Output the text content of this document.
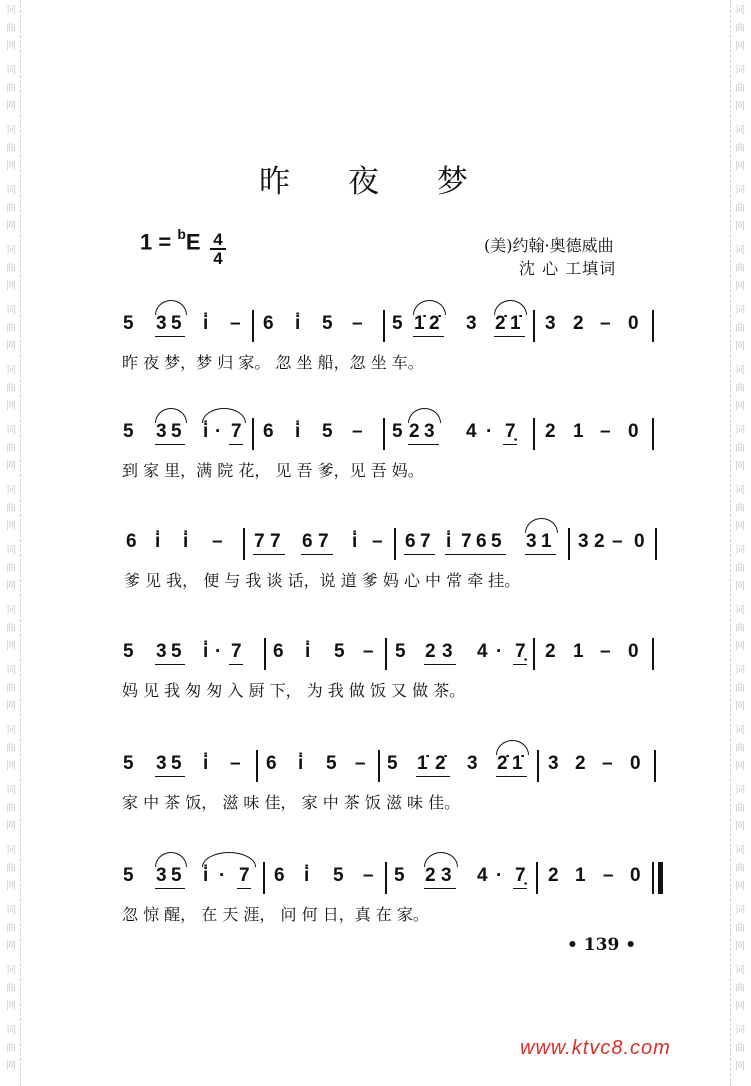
词
曲
网
词
曲
网
词
曲
网
词
曲
网
词
曲
网
词
曲
网
词
曲
网
词
曲
网
词
曲
网
词
曲
网
词
曲
网
词
曲
网
词
曲
网
词
曲
网
词
曲
网
词
曲
网
词
曲
网
词
曲
网
词
曲
网
词
曲
网
词
曲
网
词
曲
网
词
曲
网
词
曲
网
词
曲
网
词
曲
网
词
曲
网
词
曲
网
词
曲
网
词
曲
网
词
曲
网
词
曲
网
词
曲
网
词
曲
网
词
曲
网
词
曲
网
昨 夜 梦
1 = $^b$E 4
4
(美)约翰·奥德威曲
沈 心 工填词
5 3 5 i̇ – 6 i̇ 5 – 5 1̇ 2̇ 3 2̇ 1̇ 3 2 – 0
昨 夜 梦，梦 归 家。 忽 坐 船，忽 坐 车。
5 3 5 i̇ · 7 6 i̇ 5 – 5 2 3 4 · 7̣ 2 1 – 0
到 家 里，满 院 花， 见 吾 爹，见 吾 妈。
6 i̇ i̇ – 7 7 6 7 i̇ – 6 7 i̇ 7 6 5 3 1 3 2 – 0
爹 见 我， 便 与 我 谈 话，说 道 爹 妈 心 中 常 牵 挂。
5 3 5 i̇ · 7 6 i̇ 5 – 5 2 3 4 · 7̣ 2 1 – 0
妈 见 我 匆 匆 入 厨 下， 为 我 做 饭 又 做 茶。
5 3 5 i̇ – 6 i̇ 5 – 5 1̇ 2̇ 3 2̇ 1̇ 3 2 – 0
家 中 茶 饭， 滋 味 佳， 家 中 茶 饭 滋 味 佳。
5 3 5 i̇ · 7 6 i̇ 5 – 5 2 3 4 · 7̣ 2 1 – 0
忽 惊 醒， 在 天 涯， 问 何 日，真 在 家。
• 139 •
www.ktvc8.com
